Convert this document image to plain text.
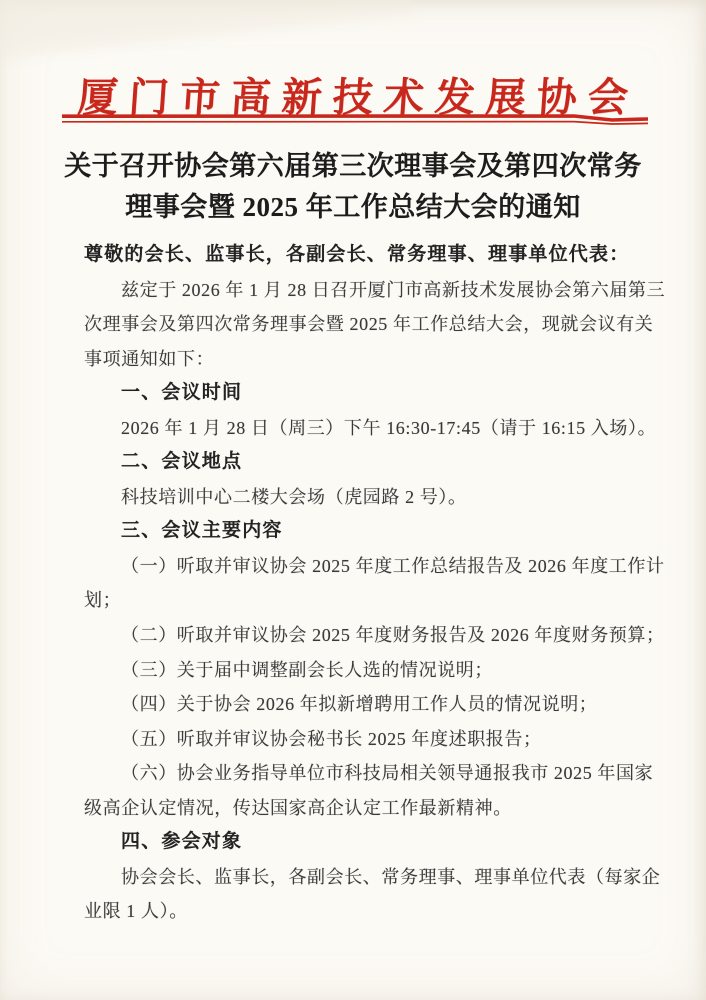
厦门市高新技术发展协会
关于召开协会第六届第三次理事会及第四次常务
理事会暨 2025 年工作总结大会的通知
尊敬的会长、监事长，各副会长、常务理事、理事单位代表：
兹定于 2026 年 1 月 28 日召开厦门市高新技术发展协会第六届第三
次理事会及第四次常务理事会暨 2025 年工作总结大会，现就会议有关
事项通知如下：
一、会议时间
2026 年 1 月 28 日（周三）下午 16:30-17:45（请于 16:15 入场）。
二、会议地点
科技培训中心二楼大会场（虎园路 2 号）。
三、会议主要内容
（一）听取并审议协会 2025 年度工作总结报告及 2026 年度工作计
划；
（二）听取并审议协会 2025 年度财务报告及 2026 年度财务预算；
（三）关于届中调整副会长人选的情况说明；
（四）关于协会 2026 年拟新增聘用工作人员的情况说明；
（五）听取并审议协会秘书长 2025 年度述职报告；
（六）协会业务指导单位市科技局相关领导通报我市 2025 年国家
级高企认定情况，传达国家高企认定工作最新精神。
四、参会对象
协会会长、监事长，各副会长、常务理事、理事单位代表（每家企
业限 1 人）。
